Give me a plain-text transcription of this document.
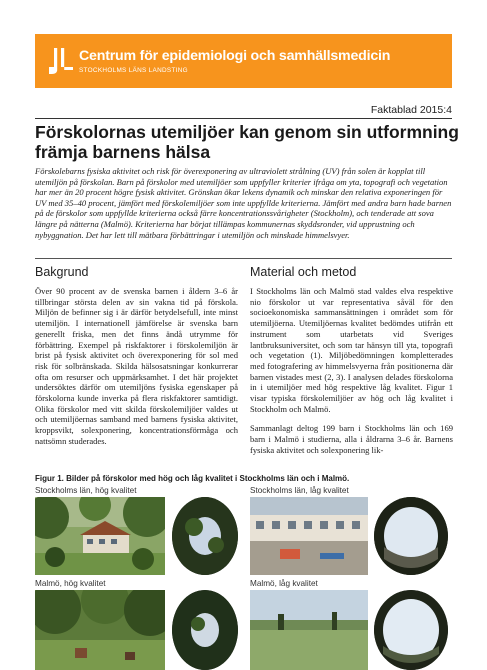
Centrum för epidemiologi och samhällsmedicin
STOCKHOLMS LÄNS LANDSTING
Faktablad 2015:4
Förskolornas utemiljöer kan genom sin utformning främja barnens hälsa
Förskolebarns fysiska aktivitet och risk för överexponering av ultraviolett strålning (UV) från solen är kopplat till utemiljön på förskolan. Barn på förskolor med utemiljöer som uppfyller kriterier ifråga om yta, topografi och vegetation har mer än 20 procent högre fysisk aktivitet. Grönskan ökar lekens dynamik och minskar den relativa exponeringen för UV med 35–40 procent, jämfört med förskolemiljöer som inte uppfyllde kriterierna. Jämfört med andra barn hade barnen på de förskolor som uppfyllde kriterierna också färre koncentrationssvårigheter (Stockholm), och tenderade att sova längre på nätterna (Malmö). Kriterierna har börjat tillämpas kommunernas skyddsronder, vid upprustning och nybyggnation. Det har lett till mätbara förbättringar i utemiljön och minskade himmelsvyer.
Bakgrund

Över 90 procent av de svenska barnen i åldern 3–6 år tillbringar största delen av sin vakna tid på förskola. Miljön de befinner sig i är därför betydelsefull, inte minst utemiljön. I internationell jämförelse är svenska barn generellt friska, men det finns ändå utrymme för förbättring. Exempel på riskfaktorer i förskolemiljön är brist på fysisk aktivitet och överexponering för sol med risk för solbränskada. Skilda hälsosatsningar konkurrerar ofta om resurser och uppmärksamhet. I det här projektet undersöktes därför om utemiljöns fysiska egenskaper på förskolorna kunde inverka på flera riskfaktorer samtidigt. Olika förskolor med vitt skilda förskolemiljöer valdes ut och utemiljöernas samband med barnens fysiska aktivitet, kroppsvikt, solexponering, koncentrationsförmåga och nattsömn studerades.

Material och metod

I Stockholms län och Malmö stad valdes elva respektive nio förskolor ut var representativa såväl för den socioekonomiska sammansättningen i området som för utemiljöerna. Utemiljöernas kvalitet bedömdes utifrån ett instrument som utarbetats vid Sveriges lantbruksuniversitet, och som tar hänsyn till yta, topografi och vegetation (1). Miljöbedömningen kompletterades med fotografering av himmelsvyerna från positionerna där barnen vistades mest (2, 3). I analysen delades förskolorna in i utemiljöer med hög respektive låg kvalitet. Figur 1 visar typiska förskolemiljöer av hög och låg kvalitet i Stockholm och Malmö.

Sammanlagt deltog 199 barn i Stockholms län och 169 barn i Malmö i studierna, alla i åldrarna 3–6 år. Barnens fysiska aktivitet och solexponering lik-

Figur 1. Bilder på förskolor med hög och låg kvalitet i Stockholms län och i Malmö.
Stockholms län, hög kvalitet	Stockholms län, låg kvalitet
Malmö, hög kvalitet	Malmö, låg kvalitet
